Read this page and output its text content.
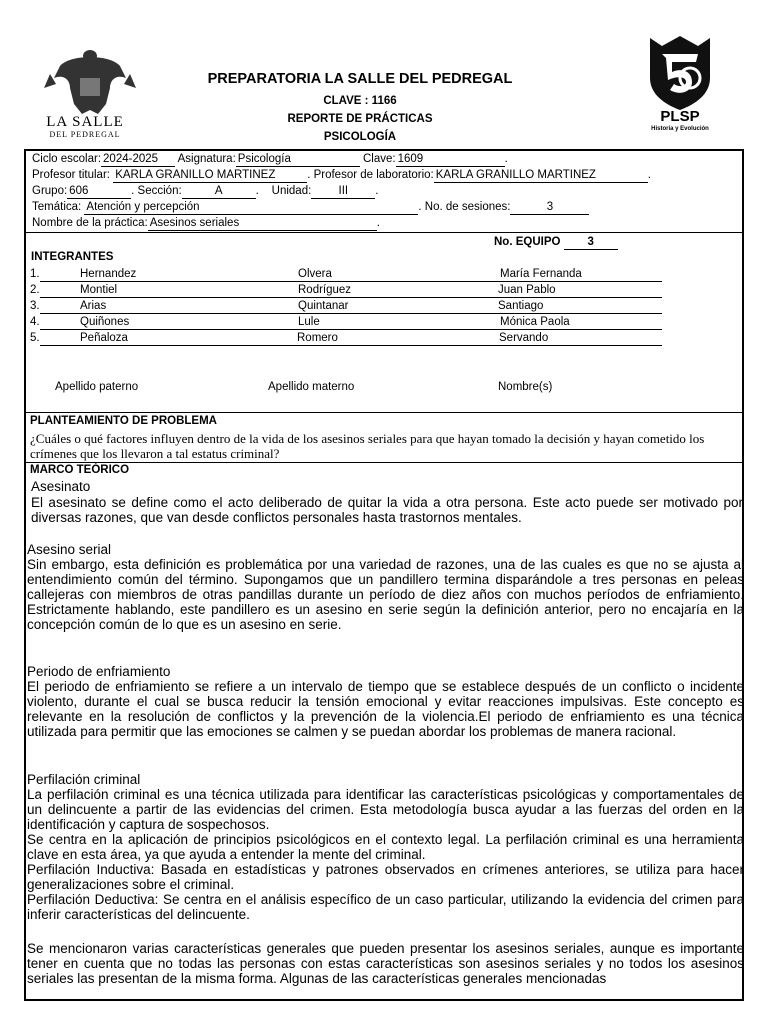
LA SALLE
DEL PEDREGAL
PREPARATORIA LA SALLE DEL PEDREGAL
CLAVE : 1166
REPORTE DE PRÁCTICAS
PSICOLOGÍA
PLSP
Historia y Evolución
Ciclo escolar: 2024-2025 Asignatura: Psicología	Clave: 1609	.
Profesor titular: KARLA GRANILLO MARTINEZ	. Profesor de laboratorio: KARLA GRANILLO MARTINEZ	.
Grupo: 606	. Sección:	A	.    Unidad: III .
Temática: Atención y percepción	. No. de sesiones:	3
Nombre de la práctica: Asesinos seriales	.
No. EQUIPO 3
INTEGRANTES
1.	Hernandez	Olvera	María Fernanda
2.	Montiel	Rodríguez	Juan Pablo
3.	Arias	Quintanar	Santiago
4.	Quiñones	Lule	Mónica Paola
5.	Peñaloza	Romero	Servando
Apellido paterno	Apellido materno	Nombre(s)
PLANTEAMIENTO DE PROBLEMA
¿Cuáles o qué factores influyen dentro de la vida de los asesinos seriales para que hayan tomado la decisión y hayan cometido los crímenes que los llevaron a tal estatus criminal?
MARCO TEÓRICO
Asesinato
El asesinato se define como el acto deliberado de quitar la vida a otra persona. Este acto puede ser motivado por diversas razones, que van desde conflictos personales hasta trastornos mentales.
Asesino serial
Sin embargo, esta definición es problemática por una variedad de razones, una de las cuales es que no se ajusta al entendimiento común del término. Supongamos que un pandillero termina disparándole a tres personas en peleas callejeras con miembros de otras pandillas durante un período de diez años con muchos períodos de enfriamiento. Estrictamente hablando, este pandillero es un asesino en serie según la definición anterior, pero no encajaría en la concepción común de lo que es un asesino en serie.
Periodo de enfriamiento
El periodo de enfriamiento se refiere a un intervalo de tiempo que se establece después de un conflicto o incidente violento, durante el cual se busca reducir la tensión emocional y evitar reacciones impulsivas. Este concepto es relevante en la resolución de conflictos y la prevención de la violencia.El periodo de enfriamiento es una técnica utilizada para permitir que las emociones se calmen y se puedan abordar los problemas de manera racional.
Perfilación criminal
La perfilación criminal es una técnica utilizada para identificar las características psicológicas y comportamentales de un delincuente a partir de las evidencias del crimen. Esta metodología busca ayudar a las fuerzas del orden en la identificación y captura de sospechosos.
Se centra en la aplicación de principios psicológicos en el contexto legal. La perfilación criminal es una herramienta clave en esta área, ya que ayuda a entender la mente del criminal.
Perfilación Inductiva: Basada en estadísticas y patrones observados en crímenes anteriores, se utiliza para hacer generalizaciones sobre el criminal.
Perfilación Deductiva: Se centra en el análisis específico de un caso particular, utilizando la evidencia del crimen para inferir características del delincuente.
Se mencionaron varias características generales que pueden presentar los asesinos seriales, aunque es importante tener en cuenta que no todas las personas con estas características son asesinos seriales y no todos los asesinos seriales las presentan de la misma forma. Algunas de las características generales mencionadas
